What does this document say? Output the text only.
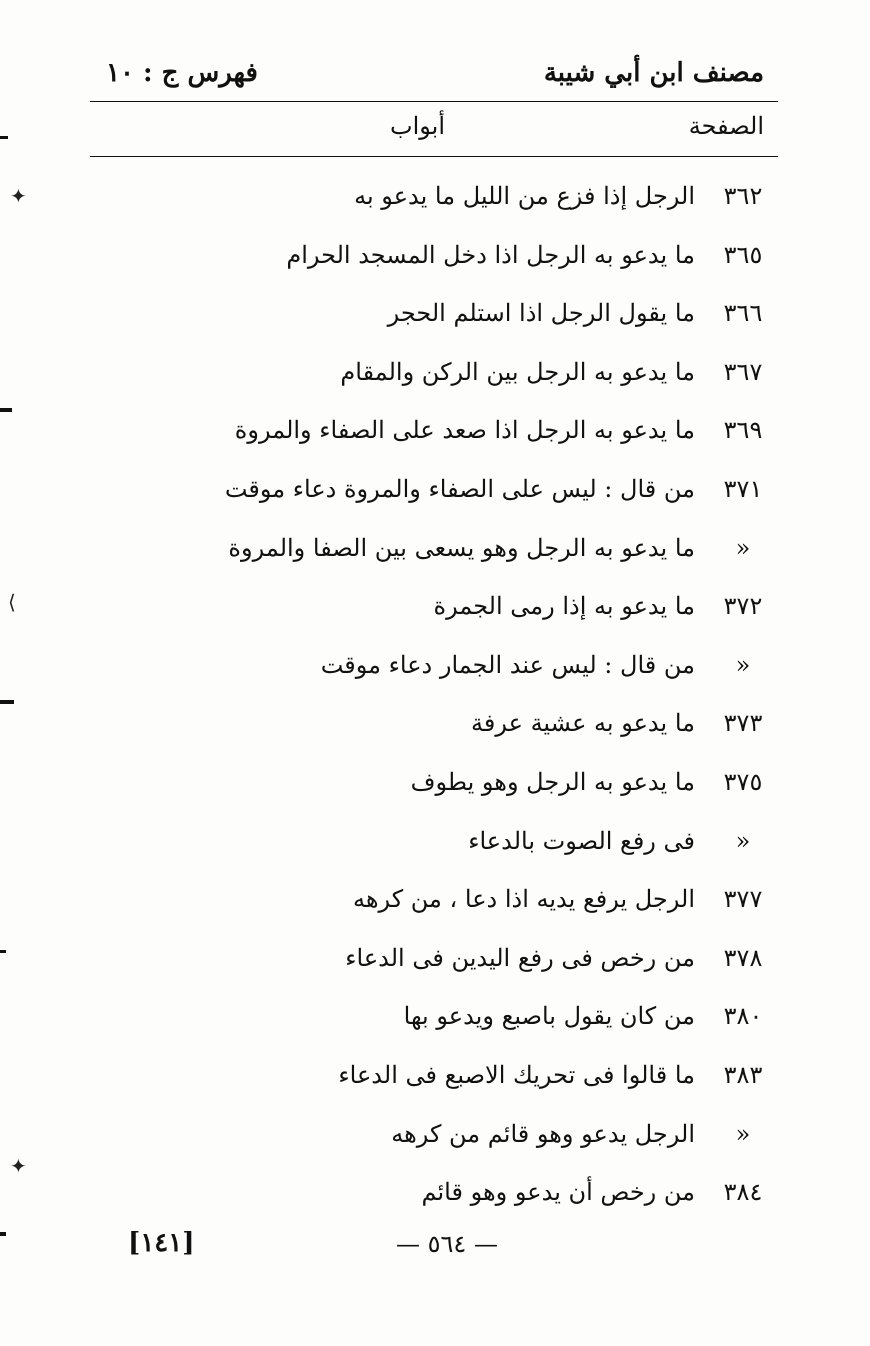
مصنف ابن أبي شيبة
فهرس ج : ١٠
الصفحة
أبواب
٣٦٢
الرجل إذا فزع من الليل ما يدعو به
٣٦٥
ما يدعو به الرجل اذا دخل المسجد الحرام
٣٦٦
ما يقول الرجل اذا استلم الحجر
٣٦٧
ما يدعو به الرجل بين الركن والمقام
٣٦٩
ما يدعو به الرجل اذا صعد على الصفاء والمروة
٣٧١
من قال : ليس على الصفاء والمروة دعاء موقت
«
ما يدعو به الرجل وهو يسعى بين الصفا والمروة
٣٧٢
ما يدعو به إذا رمى الجمرة
«
من قال : ليس عند الجمار دعاء موقت
٣٧٣
ما يدعو به عشية عرفة
٣٧٥
ما يدعو به الرجل وهو يطوف
«
فى رفع الصوت بالدعاء
٣٧٧
الرجل يرفع يديه اذا دعا ، من كرهه
٣٧٨
من رخص فى رفع اليدين فى الدعاء
٣٨٠
من كان يقول باصبع ويدعو بها
٣٨٣
ما قالوا فى تحريك الاصبع فى الدعاء
«
الرجل يدعو وهو قائم من كرهه
٣٨٤
من رخص أن يدعو وهو قائم
[١٤١]	— ٥٦٤ —
✦
⟨
✦
